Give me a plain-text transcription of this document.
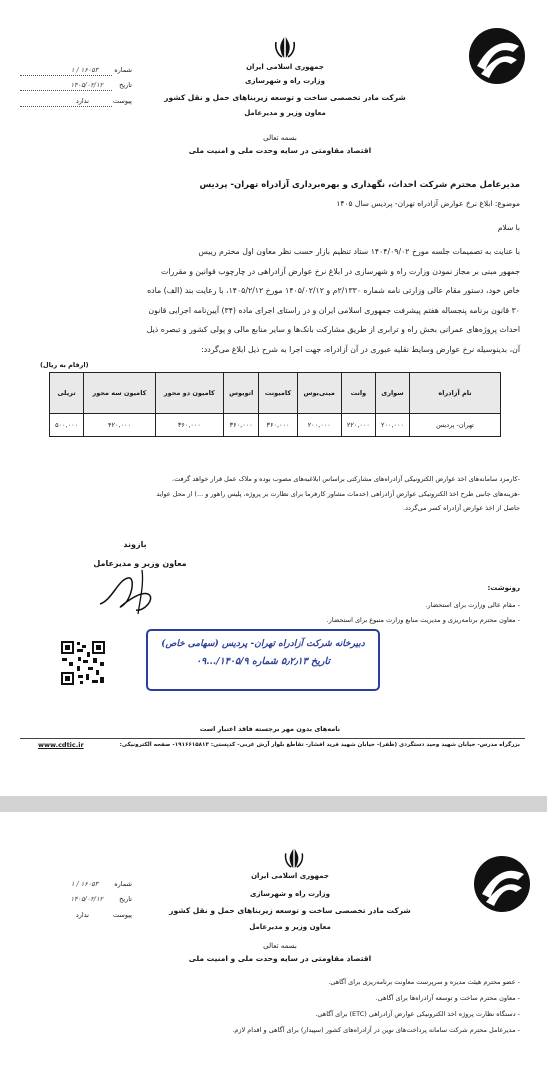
جمهوری اسلامی ایران
وزارت راه و شهرسازی
شرکت مادر تخصصی ساخت و توسعه زیربناهای حمل و نقل کشور
معاون وزیر و مدیرعامل
شماره ۱۶۰۵۳ / ۱
تاریخ ۱۴۰۵/۰۲/۱۲
پیوست ندارد
بسمه تعالی
اقتصاد مقاومتی در سایه وحدت ملی و امنیت ملی
مدیرعامل محترم شرکت احداث، نگهداری و بهره‌برداری آزادراه تهران- پردیس
موضوع: ابلاغ نرخ عوارض آزادراه تهران- پردیس سال ۱۴۰۵
با سلام
با عنایت به تصمیمات جلسه مورخ ۱۴۰۴/۰۹/۰۲ ستاد تنظیم بازار حسب نظر معاون اول محترم رییس
جمهور مبنی بر مجاز نمودن وزارت راه و شهرسازی در ابلاغ نرخ عوارض آزادراهی در چارچوب قوانین و مقررات
خاص خود، دستور مقام عالی وزارتی نامه شماره ۲/۱۳۳۰م و ۱۴۰۵/۰۲/۱۲ مورخ ۱۴۰۵/۲/۱۲، با رعایت بند (الف) ماده
۳۰ قانون برنامه پنجساله هفتم پیشرفت جمهوری اسلامی ایران و در راستای اجرای ماده (۳۴) آیین‌نامه اجرایی قانون
احداث پروژه‌های عمرانی بخش راه و ترابری از طریق مشارکت بانک‌ها و سایر منابع مالی و پولی کشور و تبصره ذیل
آن، بدینوسیله نرخ عوارض وسایط نقلیه عبوری در آن آزادراه، جهت اجرا به شرح ذیل ابلاغ می‌گردد:
(ارقام به ریال)
نام آزادراه	سواری	وانت	مینی‌بوس	کامیونت	اتوبوس	کامیون دو محور	کامیون سه محور	تریلی
تهران- پردیس	۲۰۰,۰۰۰	۲۲۰,۰۰۰	۲۰۰,۰۰۰	۳۶۰,۰۰۰	۳۶۰,۰۰۰	۳۶۰,۰۰۰	۴۲۰,۰۰۰	۵۰۰,۰۰۰
-کارمزد سامانه‌های اخذ عوارض الکترونیکی آزادراه‌های مشارکتی براساس ابلاغیه‌های مصوب بوده و ملاک عمل قرار خواهد گرفت.
-هزینه‌های جانبی طرح اخذ الکترونیکی عوارض آزادراهی (خدمات مشاور کارفرما برای نظارت بر پروژه، پلیس راهور و ...) از محل عواید
حاصل از اخذ عوارض آزادراه کسر می‌گردد.
بازوند
معاون وزیر و مدیرعامل
رونوشت:
- مقام عالی وزارت برای استحضار.
- معاون محترم برنامه‌ریزی و مدیریت منابع وزارت متبوع برای استحضار.
دبیرخانه شرکت آزادراه تهران- پردیس (سهامی خاص)
تاریخ ۵٫۲٫۱۳ شماره ۱۴۰۵/۹/...۰۹
نامه‌های بدون مهر برجسته فاقد اعتبار است
بزرگراه مدرس- خیابان شهید وحید دستگردی (ظفر)- خیابان شهید فرید افشار- تقاطع بلوار آرش غربی- کدپستی: ۱۹۱۶۶۱۵۸۱۳- صفحه الکترونیکی:
www.cdtic.ir
جمهوری اسلامی ایران
وزارت راه و شهرسازی
شرکت مادر تخصصی ساخت و توسعه زیربناهای حمل و نقل کشور
معاون وزیر و مدیرعامل
شماره ۱۶۰۵۳ / ۱
تاریخ ۱۴۰۵/۰۲/۱۲
پیوست ندارد
بسمه تعالی
اقتصاد مقاومتی در سایه وحدت ملی و امنیت ملی
- عضو محترم هیئت مدیره و سرپرست معاونت برنامه‌ریزی برای آگاهی.
- معاون محترم ساخت و توسعه آزادراه‌ها برای آگاهی.
- دستگاه نظارت پروژه اخذ الکترونیکی عوارض آزادراهی (ETC) برای آگاهی.
- مدیرعامل محترم شرکت سامانه پرداخت‌های نوین در آزادراه‌های کشور (سپیدار) برای آگاهی و اقدام لازم.
